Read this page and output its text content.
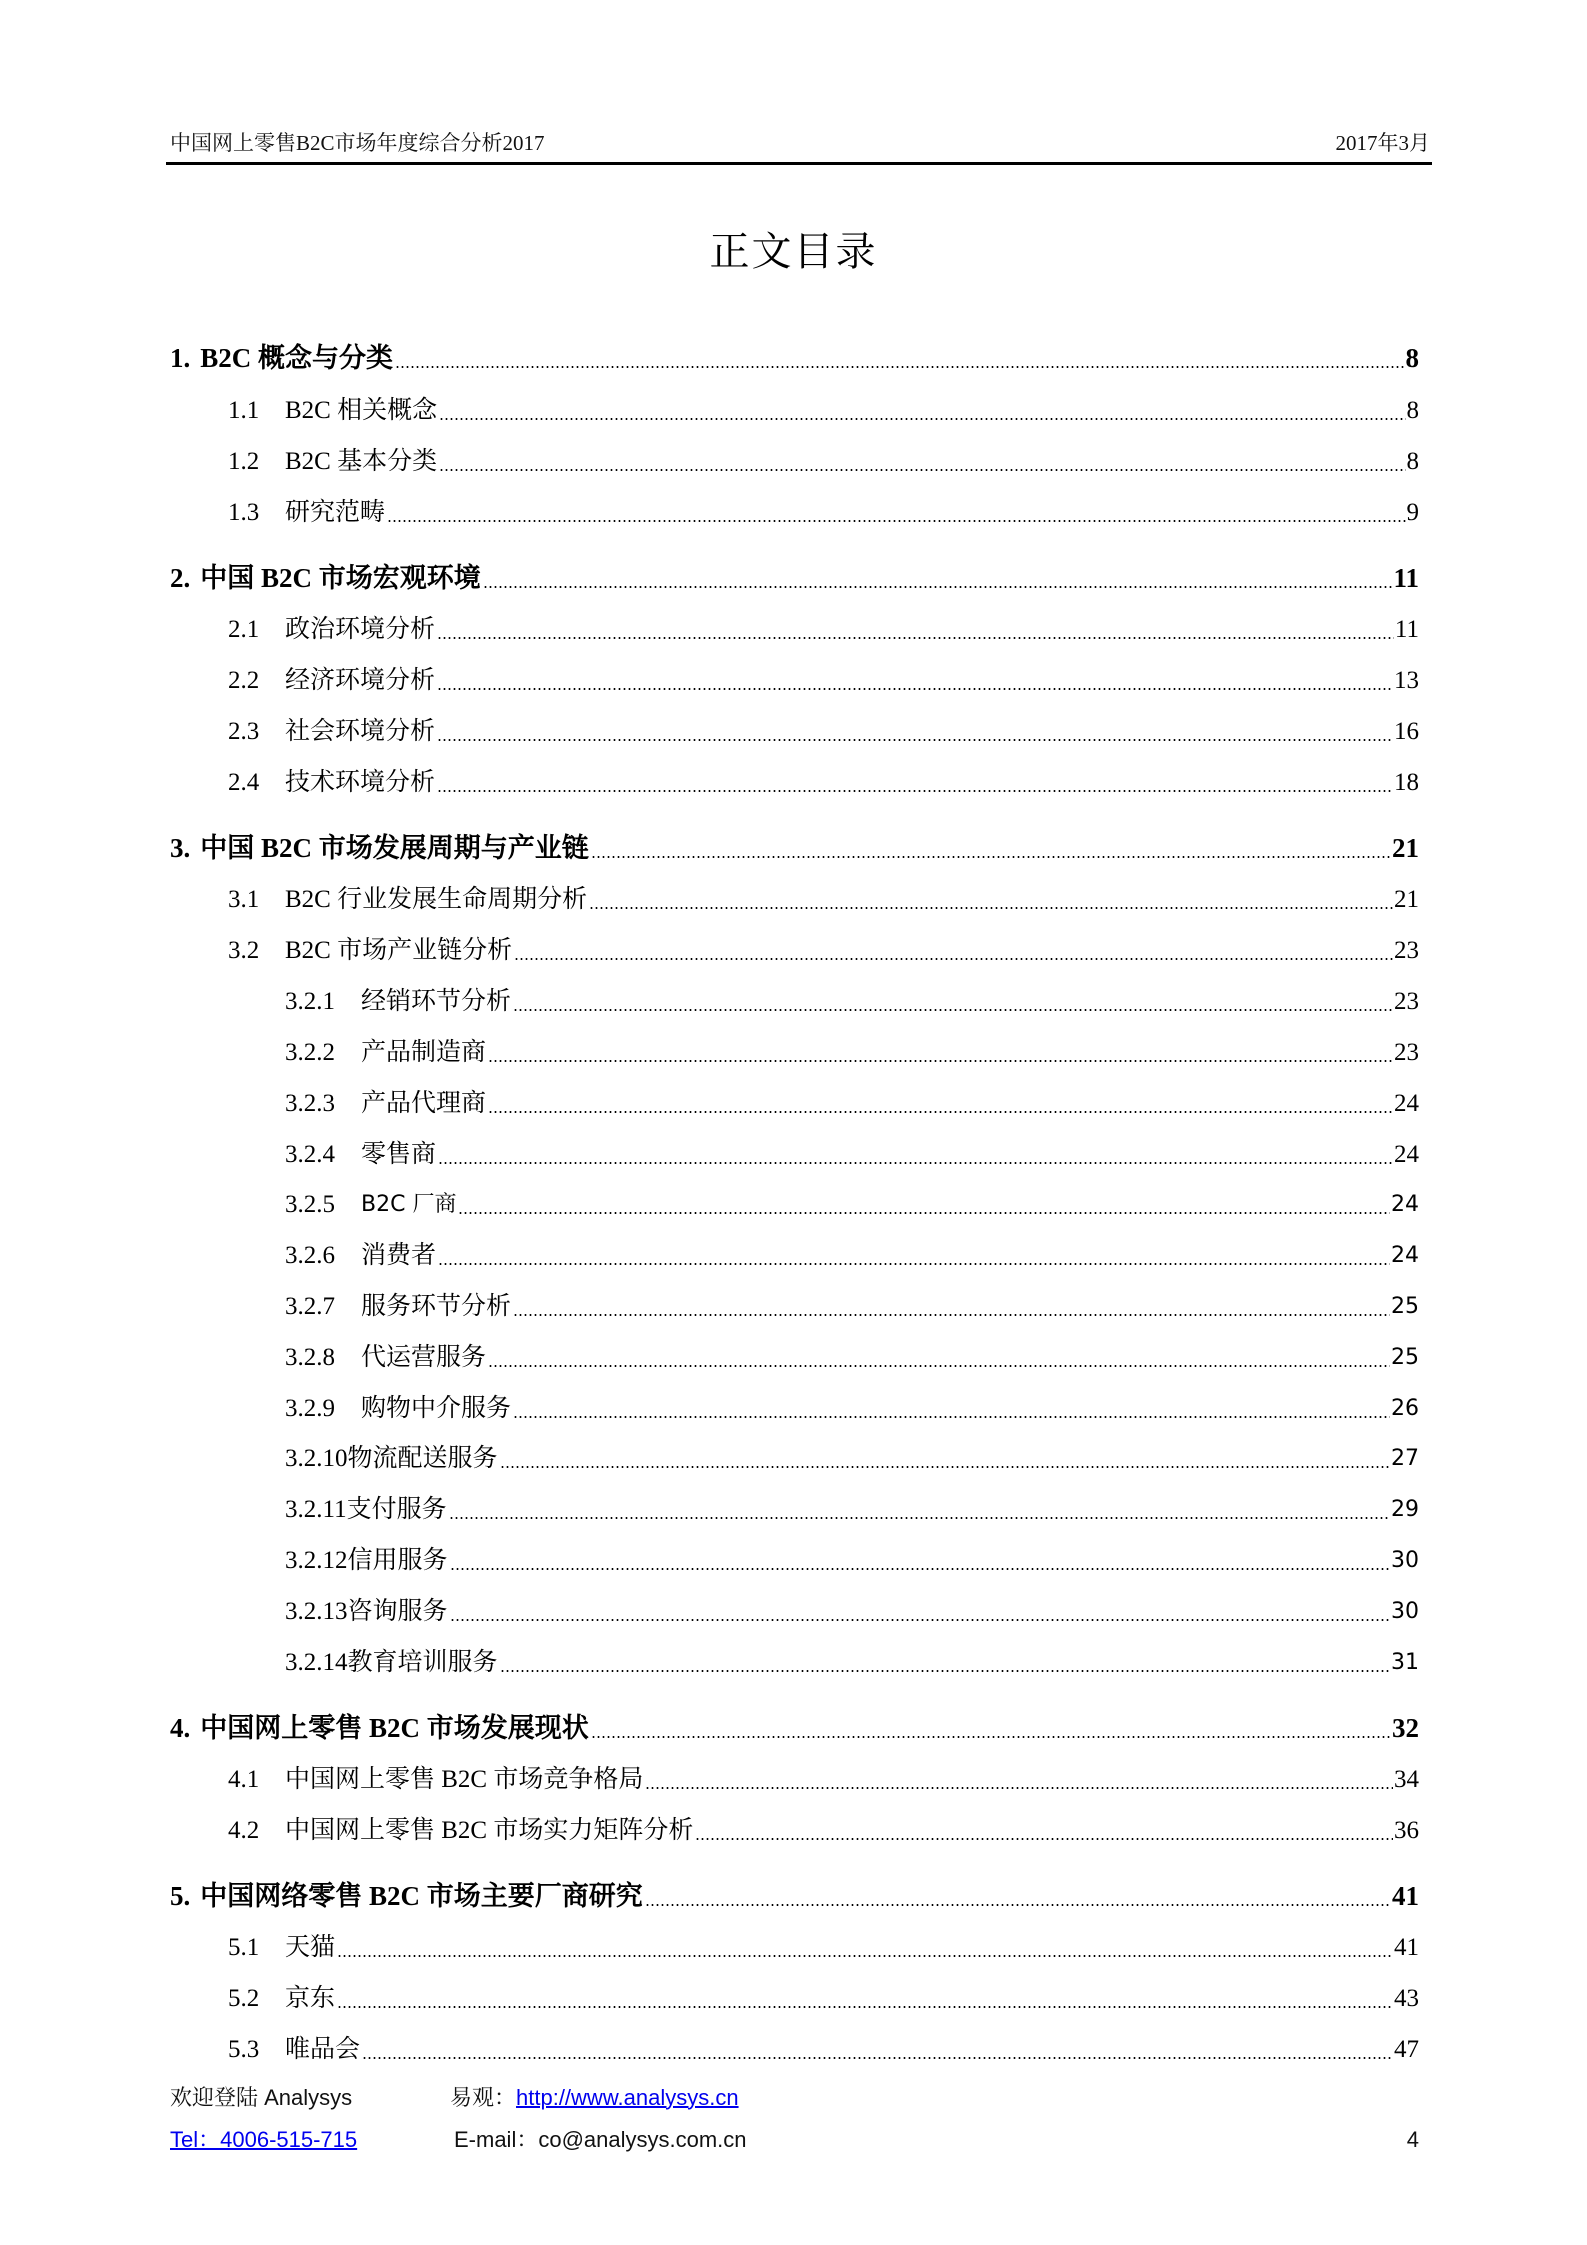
中国网上零售B2C市场年度综合分析2017	2017年3月
正文目录
1. B2C 概念与分类	8
1.1	B2C 相关概念	8
1.2	B2C 基本分类	8
1.3	研究范畴	9
2. 中国 B2C 市场宏观环境	11
2.1	政治环境分析	11
2.2	经济环境分析	13
2.3	社会环境分析	16
2.4	技术环境分析	18
3. 中国 B2C 市场发展周期与产业链	21
3.1	B2C 行业发展生命周期分析	21
3.2	B2C 市场产业链分析	23
3.2.1	经销环节分析	23
3.2.2	产品制造商	23
3.2.3	产品代理商	24
3.2.4	零售商	24
3.2.5	B2C 厂商	24
3.2.6	消费者	24
3.2.7	服务环节分析	25
3.2.8	代运营服务	25
3.2.9	购物中介服务	26
3.2.10 物流配送服务	27
3.2.11 支付服务	29
3.2.12 信用服务	30
3.2.13 咨询服务	30
3.2.14 教育培训服务	31
4. 中国网上零售 B2C 市场发展现状	32
4.1	中国网上零售 B2C 市场竞争格局	34
4.2	中国网上零售 B2C 市场实力矩阵分析	36
5. 中国网络零售 B2C 市场主要厂商研究	41
5.1	天猫	41
5.2	京东	43
5.3	唯品会	47
欢迎登陆 Analysys	易观：http://www.analysys.cn
Tel：4006-515-715	E-mail：co@analysys.com.cn	4
